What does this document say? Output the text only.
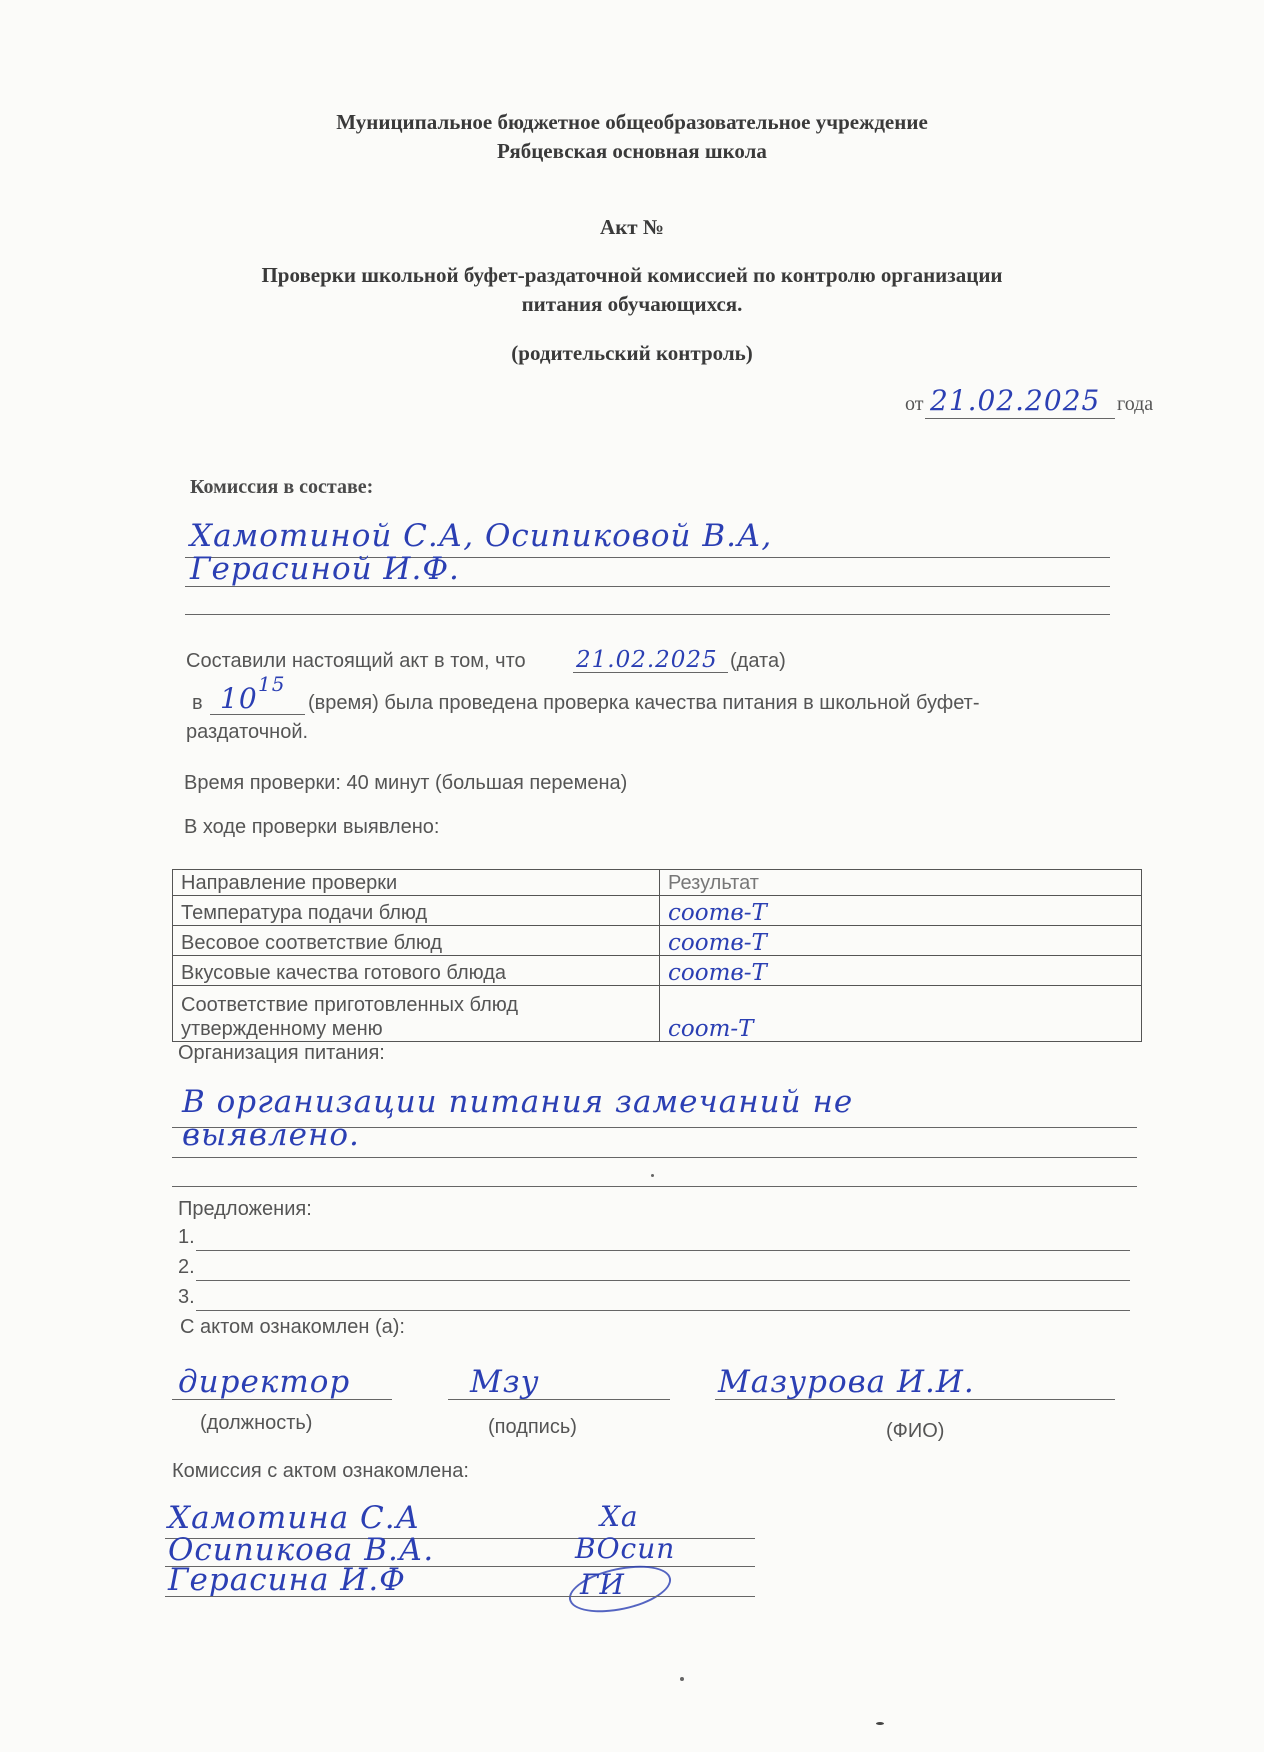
Муниципальное бюджетное общеобразовательное учреждение
Рябцевская основная школа
Акт №
Проверки школьной буфет-раздаточной комиссией по контролю организации
питания обучающихся.
(родительский контроль)
от 21.02.2025 года
Комиссия в составе:
Хамотиной С.А, Осипиковой В.А,
Герасиной И.Ф.
Составили настоящий акт в том, что 21.02.2025 (дата)
в 10 15
(время) была проведена проверка качества питания в школьной буфет-
раздаточной.
Время проверки: 40 минут (большая перемена)
В ходе проверки выявлено:
Направление проверки	Результат
Температура подачи блюд	соотв-Т
Весовое соответствие блюд	соотв-Т
Вкусовые качества готового блюда	соотв-Т

Соответствие приготовленных блюд
утвержденному меню	соот-Т
Организация питания:
В организации питания замечаний не
выявлено.
Предложения:
1.
2.
3.
С актом ознакомлен (а):
директор	Мзу	Мазурова И.И.
(должность)	(подпись)	(ФИО)
Комиссия с актом ознакомлена:
Хамотина С.А	Ха
Осипикова В.А.	ВОсип
Герасина И.Ф	ГИ
